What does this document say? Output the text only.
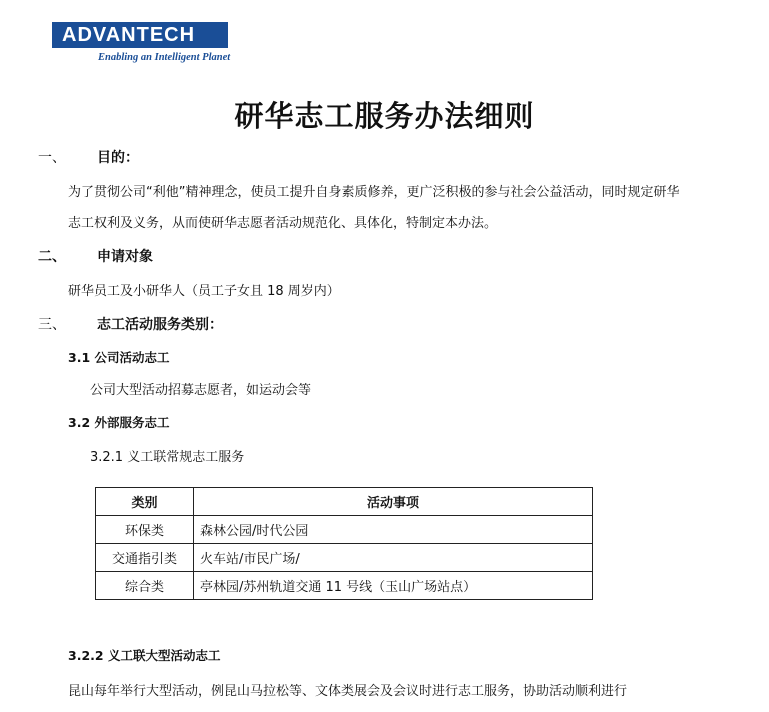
ADVANTECH
Enabling an Intelligent Planet
研华志工服务办法细则
一、 目的：
为了贯彻公司“利他”精神理念，使员工提升自身素质修养，更广泛积极的参与社会公益活动，同时规定研华
志工权利及义务，从而使研华志愿者活动规范化、具体化，特制定本办法。
二、 申请对象
研华员工及小研华人（员工子女且 18 周岁内）
三、 志工活动服务类别：
3.1 公司活动志工
公司大型活动招募志愿者，如运动会等
3.2 外部服务志工
3.2.1 义工联常规志工服务
类别	活动事项
环保类	森林公园/时代公园
交通指引类	火车站/市民广场/
综合类	亭林园/苏州轨道交通 11 号线（玉山广场站点）
3.2.2 义工联大型活动志工
昆山每年举行大型活动，例昆山马拉松等、文体类展会及会议时进行志工服务，协助活动顺利进行
